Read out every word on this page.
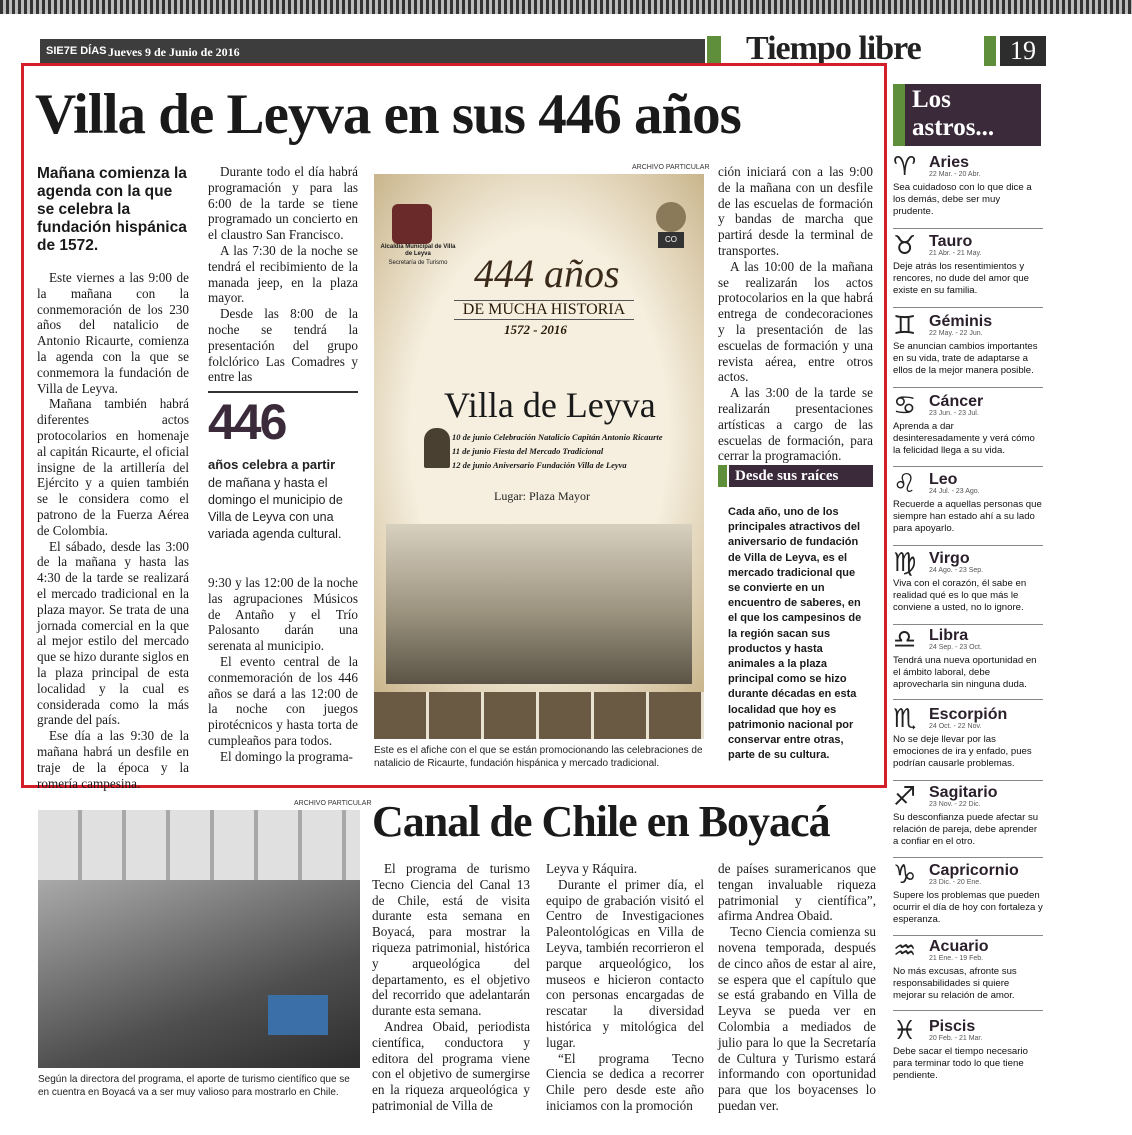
SIE7E DÍAS Jueves 9 de Junio de 2016	Tiempo libre	19
Villa de Leyva en sus 446 años
Mañana comienza la agenda con la que se celebra la fundación hispánica de 1572.

Este viernes a las 9:00 de la mañana con la conmemoración de los 230 años del natalicio de Antonio Ricaurte, comienza la agenda con la que se conmemora la fundación de Villa de Leyva.

Mañana también habrá diferentes actos protocolarios en homenaje al capitán Ricaurte, el oficial insigne de la artillería del Ejército y a quien también se le considera como el patrono de la Fuerza Aérea de Colombia.

El sábado, desde las 3:00 de la mañana y hasta las 4:30 de la tarde se realizará el mercado tradicional en la plaza mayor. Se trata de una jornada comercial en la que al mejor estilo del mercado que se hizo durante siglos en la plaza principal de esta localidad y la cual es considerada como la más grande del país.

Ese día a las 9:30 de la mañana habrá un desfile en traje de la época y la romería campesina.

Durante todo el día habrá programación y para las 6:00 de la tarde se tiene programado un concierto en el claustro San Francisco.

A las 7:30 de la noche se tendrá el recibimiento de la manada jeep, en la plaza mayor.

Desde las 8:00 de la noche se tendrá la presentación del grupo folclórico Las Comadres y entre las

446
años celebra a partir
de mañana y hasta el domingo el municipio de Villa de Leyva con una variada agenda cultural.

9:30 y las 12:00 de la noche las agrupaciones Músicos de Antaño y el Trío Palosanto darán una serenata al municipio.

El evento central de la conmemoración de los 446 años se dará a las 12:00 de la noche con juegos pirotécnicos y hasta torta de cumpleaños para todos.

El domingo la programa-

ARCHIVO PARTICULAR
CO
Alcaldía Municipal de Villa de Leyva
Secretaría de Turismo 444 años
DE MUCHA HISTORIA
1572 - 2016
Villa de Leyva
10 de junio Celebración Natalicio Capitán Antonio Ricaurte
11 de junio Fiesta del Mercado Tradicional
12 de junio Aniversario Fundación Villa de Leyva
Lugar: Plaza Mayor
Este es el afiche con el que se están promocionando las celebraciones de natalicio de Ricaurte, fundación hispánica y mercado tradicional.

ción iniciará con a las 9:00 de la mañana con un desfile de las escuelas de formación y bandas de marcha que partirá desde la terminal de transportes.

A las 10:00 de la mañana se realizarán los actos protocolarios en la que habrá entrega de condecoraciones y la presentación de las escuelas de formación y una revista aérea, entre otros actos.

A las 3:00 de la tarde se realizarán presentaciones artísticas a cargo de las escuelas de formación, para cerrar la programación.

Desde sus raíces
Cada año, uno de los principales atractivos del aniversario de fundación de Villa de Leyva, es el mercado tradicional que se convierte en un encuentro de saberes, en el que los campesinos de la región sacan sus productos y hasta animales a la plaza principal como se hizo durante décadas en esta localidad que hoy es patrimonio nacional por conservar entre otras, parte de su cultura.
ARCHIVO PARTICULAR
Según la directora del programa, el aporte de turismo científico que se en cuentra en Boyacá va a ser muy valioso para mostrarlo en Chile.
Canal de Chile en Boyacá

El programa de turismo Tecno Ciencia del Canal 13 de Chile, está de visita durante esta semana en Boyacá, para mostrar la riqueza patrimonial, histórica y arqueológica del departamento, es el objetivo del recorrido que adelantarán durante esta semana.

Andrea Obaid, periodista científica, conductora y editora del programa viene con el objetivo de sumergirse en la riqueza arqueológica y patrimonial de Villa de

Leyva y Ráquira.

Durante el primer día, el equipo de grabación visitó el Centro de Investigaciones Paleontológicas en Villa de Leyva, también recorrieron el parque arqueológico, los museos e hicieron contacto con personas encargadas de rescatar la diversidad histórica y mitológica del lugar.

“El programa Tecno Ciencia se dedica a recorrer Chile pero desde este año iniciamos con la promoción

de países suramericanos que tengan invaluable riqueza patrimonial y científica”, afirma Andrea Obaid.

Tecno Ciencia comienza su novena temporada, después de cinco años de estar al aire, se espera que el capítulo que se está grabando en Villa de Leyva se pueda ver en Colombia a mediados de julio para lo que la Secretaría de Cultura y Turismo estará informando con oportunidad para que los boyacenses lo puedan ver.

Los
astros...
♈ Aries
22 Mar. - 20 Abr.
Sea cuidadoso con lo que dice a los demás, debe ser muy prudente.
♉ Tauro
21 Abr. - 21 May.
Deje atrás los resentimientos y rencores, no dude del amor que existe en su familia.
♊ Géminis
22 May. - 22 Jun.
Se anuncian cambios importantes en su vida, trate de adaptarse a ellos de la mejor manera posible.
♋ Cáncer
23 Jun. - 23 Jul.
Aprenda a dar desinteresadamente y verá cómo la felicidad llega a su vida.
♌ Leo
24 Jul. - 23 Ago.
Recuerde a aquellas personas que siempre han estado ahí a su lado para apoyarlo.
♍ Virgo
24 Ago. - 23 Sep.
Viva con el corazón, él sabe en realidad qué es lo que más le conviene a usted, no lo ignore.
♎ Libra
24 Sep. - 23 Oct.
Tendrá una nueva oportunidad en el ámbito laboral, debe aprovecharla sin ninguna duda.
♏ Escorpión
24 Oct. - 22 Nov.
No se deje llevar por las emociones de ira y enfado, pues podrían causarle problemas.
♐ Sagitario
23 Nov. - 22 Dic.
Su desconfianza puede afectar su relación de pareja, debe aprender a confiar en el otro.
♑ Capricornio
23 Dic. - 20 Ene.
Supere los problemas que pueden ocurrir el día de hoy con fortaleza y esperanza.
♒ Acuario
21 Ene. - 19 Feb.
No más excusas, afronte sus responsabilidades si quiere mejorar su relación de amor.
♓ Piscis
20 Feb. - 21 Mar.
Debe sacar el tiempo necesario para terminar todo lo que tiene pendiente.
